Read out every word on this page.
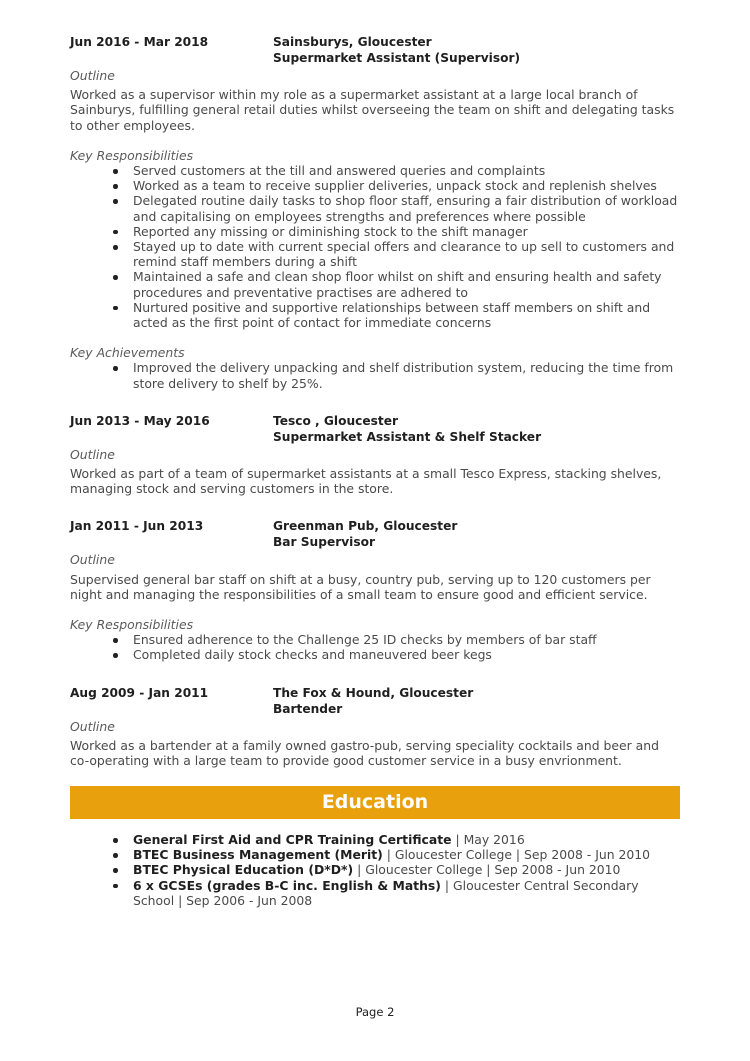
Jun 2016 - Mar 2018	Sainsburys, Gloucester
Supermarket Assistant (Supervisor)
Outline
Worked as a supervisor within my role as a supermarket assistant at a large local branch of Sainburys, fulfilling general retail duties whilst overseeing the team on shift and delegating tasks to other employees.
Key Responsibilities
Served customers at the till and answered queries and complaints
Worked as a team to receive supplier deliveries, unpack stock and replenish shelves
Delegated routine daily tasks to shop floor staff, ensuring a fair distribution of workload and capitalising on employees strengths and preferences where possible
Reported any missing or diminishing stock to the shift manager
Stayed up to date with current special offers and clearance to up sell to customers and remind staff members during a shift
Maintained a safe and clean shop floor whilst on shift and ensuring health and safety procedures and preventative practises are adhered to
Nurtured positive and supportive relationships between staff members on shift and acted as the first point of contact for immediate concerns
Key Achievements
Improved the delivery unpacking and shelf distribution system, reducing the time from store delivery to shelf by 25%.
Jun 2013 - May 2016	Tesco , Gloucester
Supermarket Assistant & Shelf Stacker
Outline
Worked as part of a team of supermarket assistants at a small Tesco Express, stacking shelves, managing stock and serving customers in the store.
Jan 2011 - Jun 2013	Greenman Pub, Gloucester
Bar Supervisor
Outline
Supervised general bar staff on shift at a busy, country pub, serving up to 120 customers per night and managing the responsibilities of a small team to ensure good and efficient service.
Key Responsibilities
Ensured adherence to the Challenge 25 ID checks by members of bar staff
Completed daily stock checks and maneuvered beer kegs
Aug 2009 - Jan 2011	The Fox & Hound, Gloucester
Bartender
Outline
Worked as a bartender at a family owned gastro-pub, serving speciality cocktails and beer and co-operating with a large team to provide good customer service in a busy envrionment.
Education
General First Aid and CPR Training Certificate | May 2016
BTEC Business Management (Merit) | Gloucester College | Sep 2008 - Jun 2010
BTEC Physical Education (D*D*) | Gloucester College | Sep 2008 - Jun 2010
6 x GCSEs (grades B-C inc. English & Maths) | Gloucester Central Secondary School | Sep 2006 - Jun 2008
Page 2
